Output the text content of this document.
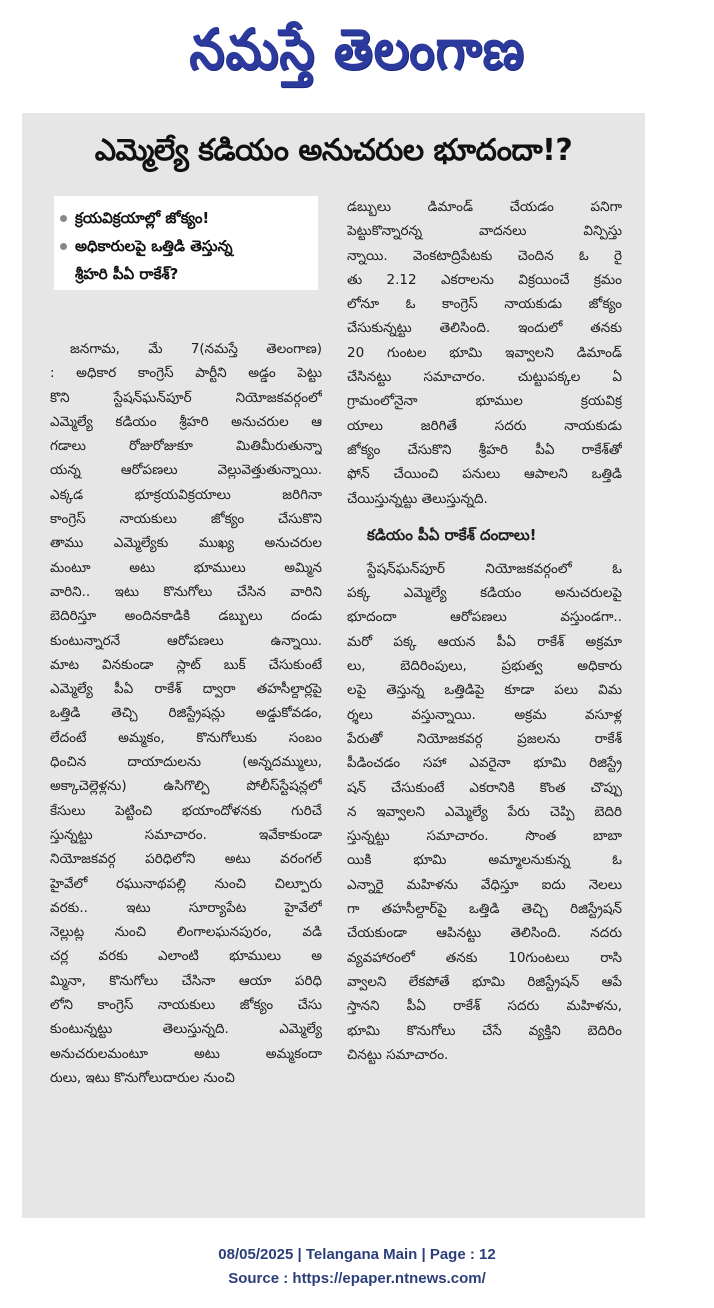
నమస్తే తెలంగాణ
ఎమ్మెల్యే కడియం అనుచరుల భూదందా!?
క్రయవిక్రయాల్లో జోక్యం!
అధికారులపై ఒత్తిడి తెస్తున్న
శ్రీహరి పీఏ రాకేశ్?
జనగామ, మే 7(నమస్తే తెలంగాణ)
: అధికార కాంగ్రెస్ పార్టీని అడ్డం పెట్టు
కొని స్టేషన్‌ఘన్‌పూర్ నియోజకవర్గంలో
ఎమ్మెల్యే కడియం శ్రీహరి అనుచరుల ఆ
గడాలు రోజురోజుకూ మితిమీరుతున్నా
యన్న ఆరోపణలు వెల్లువెత్తుతున్నాయి.
ఎక్కడ భూక్రయవిక్రయాలు జరిగినా
కాంగ్రెస్ నాయకులు జోక్యం చేసుకొని
తాము ఎమ్మెల్యేకు ముఖ్య అనుచరుల
మంటూ అటు భూములు అమ్మిన
వారిని.. ఇటు కొనుగోలు చేసిన వారిని
బెదిరిస్తూ అందినకాడికి డబ్బులు దండు
కుంటున్నారనే ఆరోపణలు ఉన్నాయి.
మాట వినకుండా స్లాట్ బుక్ చేసుకుంటే
ఎమ్మెల్యే పీఏ రాకేశ్ ద్వారా తహసీల్దార్లపై
ఒత్తిడి తెచ్చి రిజిస్ట్రేషన్లు అడ్డుకోవడం,
లేదంటే అమ్మకం, కొనుగోలుకు సంబం
ధించిన దాయాదులను (అన్నదమ్ములు,
అక్కాచెల్లెళ్లను) ఉసిగొల్పి పోలీస్‌స్టేషన్లలో
కేసులు పెట్టించి భయాందోళనకు గురిచే
స్తున్నట్టు సమాచారం. ఇవేకాకుండా
నియోజకవర్గ పరిధిలోని అటు వరంగల్
హైవేలో రఘునాథపల్లి నుంచి చిల్పూరు
వరకు.. ఇటు సూర్యాపేట హైవేలో
నెల్లుట్ల నుంచి లింగాలఘనపురం, వడి
చర్ల వరకు ఎలాంటి భూములు అ
మ్మినా, కొనుగోలు చేసినా ఆయా పరిధి
లోని కాంగ్రెస్ నాయకులు జోక్యం చేసు
కుంటున్నట్టు తెలుస్తున్నది. ఎమ్మెల్యే
అనుచరులమంటూ అటు అమ్మకందా
రులు, ఇటు కొనుగోలుదారుల నుంచి
డబ్బులు డిమాండ్ చేయడం పనిగా
పెట్టుకొన్నారన్న వాదనలు విన్పిస్తు
న్నాయి. వెంకటాద్రిపేటకు చెందిన ఓ రై
తు 2.12 ఎకరాలను విక్రయించే క్రమం
లోనూ ఓ కాంగ్రెస్ నాయకుడు జోక్యం
చేసుకున్నట్టు తెలిసింది. ఇందులో తనకు
20 గుంటల భూమి ఇవ్వాలని డిమాండ్
చేసినట్టు సమాచారం. చుట్టుపక్కల ఏ
గ్రామంలోనైనా భూముల క్రయవిక్ర
యాలు జరిగితే సదరు నాయకుడు
జోక్యం చేసుకొని శ్రీహరి పీఏ రాకేశ్‌తో
ఫోన్ చేయించి పనులు ఆపాలని ఒత్తిడి
చేయిస్తున్నట్టు తెలుస్తున్నది.
కడియం పీఏ రాకేశ్ దందాలు!
స్టేషన్‌ఘన్‌పూర్ నియోజకవర్గంలో ఓ
పక్క ఎమ్మెల్యే కడియం అనుచరులపై
భూదందా ఆరోపణలు వస్తుండగా..
మరో పక్క ఆయన పీఏ రాకేశ్ అక్రమా
లు, బెదిరింపులు, ప్రభుత్వ అధికారు
లపై తెస్తున్న ఒత్తిడిపై కూడా పలు విమ
ర్శలు వస్తున్నాయి. అక్రమ వసూళ్ల
పేరుతో నియోజకవర్గ ప్రజలను రాకేశ్
పీడించడం సహా ఎవరైనా భూమి రిజిస్ట్రే
షన్ చేసుకుంటే ఎకరానికి కొంత చొప్పు
న ఇవ్వాలని ఎమ్మెల్యే పేరు చెప్పి బెదిరి
స్తున్నట్టు సమాచారం. సొంత బాబా
యికి భూమి అమ్మాలనుకున్న ఓ
ఎన్నారై మహిళను వేధిస్తూ ఐదు నెలలు
గా తహసీల్దార్‌పై ఒత్తిడి తెచ్చి రిజిస్ట్రేషన్
చేయకుండా ఆపినట్టు తెలిసింది. నదరు
వ్యవహారంలో తనకు 10గుంటలు రాసి
వ్వాలని లేకపోతే భూమి రిజిస్ట్రేషన్ ఆపే
స్తానని పీఏ రాకేశ్ సదరు మహిళను,
భూమి కొనుగోలు చేసే వ్యక్తిని బెదిరిం
చినట్టు సమాచారం.
08/05/2025 | Telangana Main | Page : 12
Source : https://epaper.ntnews.com/
